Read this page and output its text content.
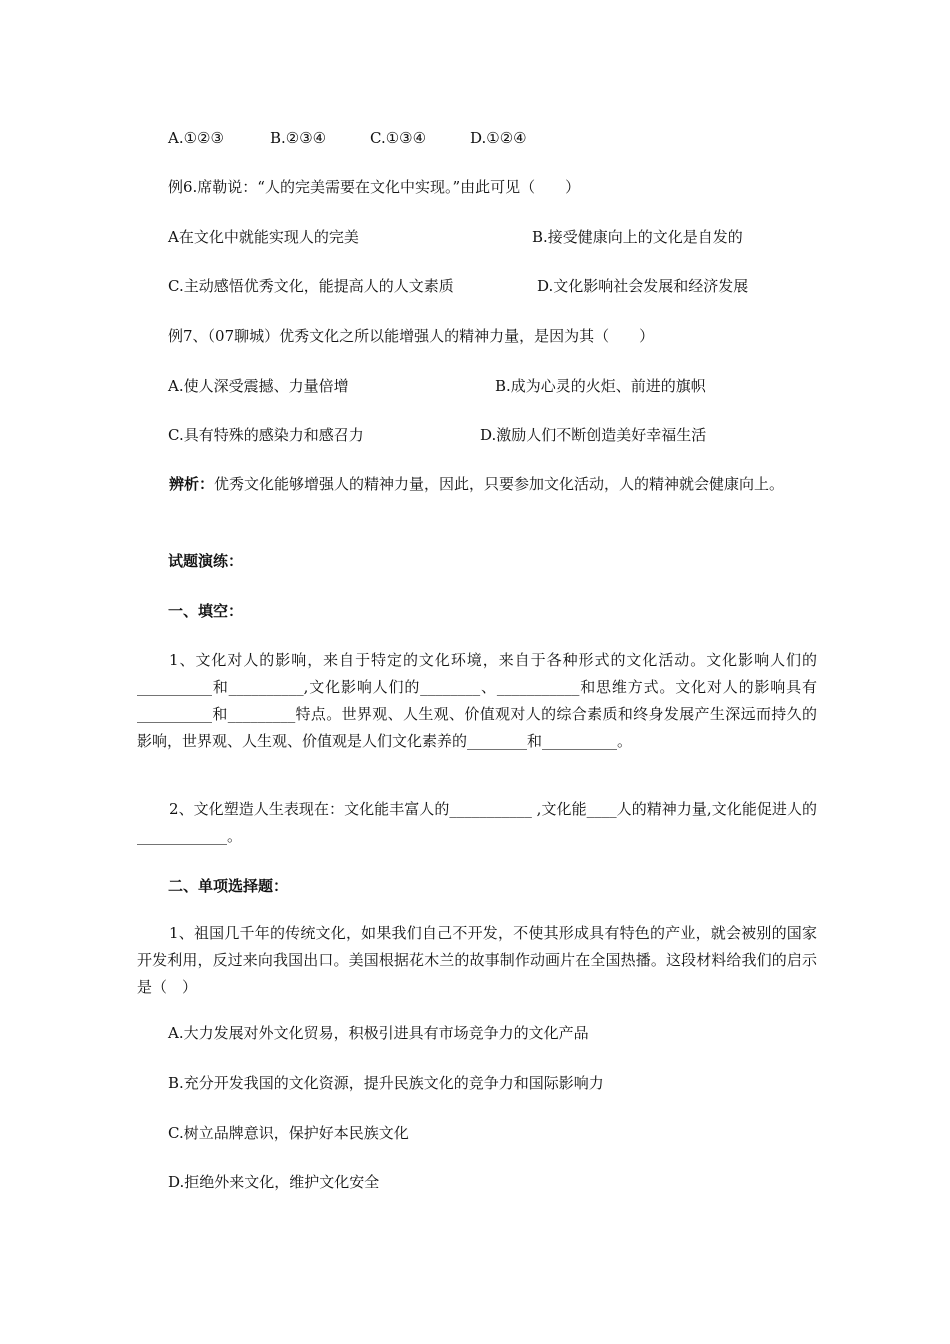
A.①②③	B.②③④	C.①③④	D.①②④

例6.席勒说：“人的完美需要在文化中实现。”由此可见（　　）

A在文化中就能实现人的完美	B.接受健康向上的文化是自发的

C.主动感悟优秀文化，能提高人的人文素质	D.文化影响社会发展和经济发展

例7、（07聊城）优秀文化之所以能增强人的精神力量，是因为其（　　）

A.使人深受震撼、力量倍增	B.成为心灵的火炬、前进的旗帜

C.具有特殊的感染力和感召力	D.激励人们不断创造美好幸福生活

辨析：优秀文化能够增强人的精神力量，因此，只要参加文化活动，人的精神就会健康向上。

试题演练：

一、填空：

1、文化对人的影响，来自于特定的文化环境，来自于各种形式的文化活动。文化影响人们的__________和__________,文化影响人们的________、___________和思维方式。文化对人的影响具有__________和_________特点。世界观、人生观、价值观对人的综合素质和终身发展产生深远而持久的影响，世界观、人生观、价值观是人们文化素养的________和__________。

2、文化塑造人生表现在：文化能丰富人的___________ ,文化能____人的精神力量,文化能促进人的____________。

二、单项选择题：

1、祖国几千年的传统文化，如果我们自己不开发，不使其形成具有特色的产业，就会被别的国家开发利用，反过来向我国出口。美国根据花木兰的故事制作动画片在全国热播。这段材料给我们的启示是（　）

A.大力发展对外文化贸易，积极引进具有市场竞争力的文化产品

B.充分开发我国的文化资源，提升民族文化的竞争力和国际影响力

C.树立品牌意识，保护好本民族文化

D.拒绝外来文化，维护文化安全
